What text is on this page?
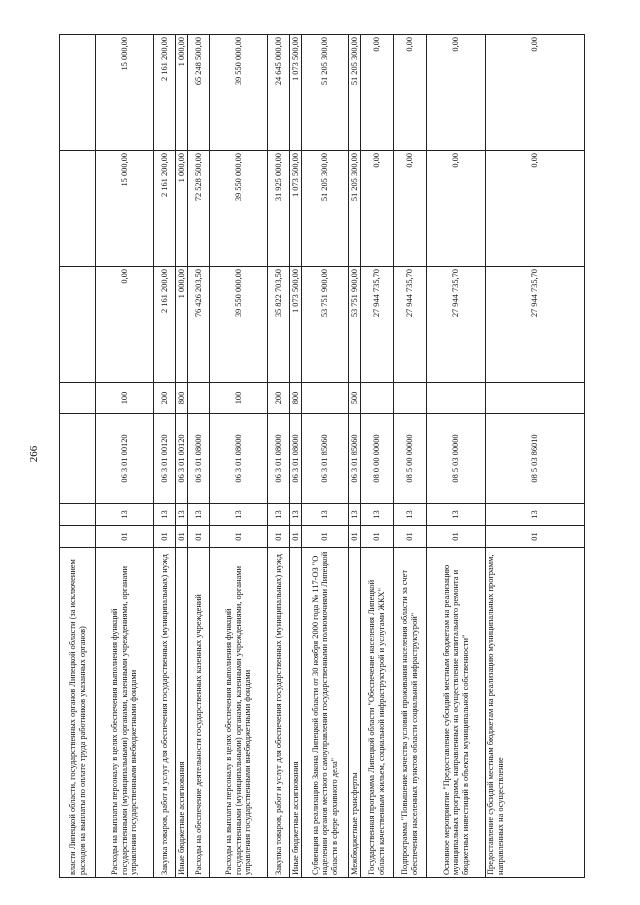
266
власти Липецкой области, государственных органов Липецкой области (за исключением расходов на выплаты по оплате труда работников указанных органов)							
Расходы на выплаты персоналу в целях обеспечения выполнения функций государственными (муниципальными) органами, казенными учреждениями, органами управления государственными внебюджетными фондами	01	13	06 3 01 00120	100	0,00	15 000,00	15 000,00
Закупка товаров, работ и услуг для обеспечения государственных (муниципальных) нужд	01	13	06 3 01 00120	200	2 161 200,00	2 161 200,00	2 161 200,00
Иные бюджетные ассигнования	01	13	06 3 01 00120	800	1 000,00	1 000,00	1 000,00
Расходы на обеспечение деятельности государственных казенных учреждений	01	13	06 3 01 08000		76 426 203,50	72 528 500,00	65 248 500,00
Расходы на выплаты персоналу в целях обеспечения выполнения функций государственными (муниципальными) органами, казенными учреждениями, органами управления государственными внебюджетными фондами	01	13	06 3 01 08000	100	39 550 000,00	39 550 000,00	39 550 000,00
Закупка товаров, работ и услуг для обеспечения государственных (муниципальных) нужд	01	13	06 3 01 08000	200	35 822 703,50	31 925 000,00	24 645 000,00
Иные бюджетные ассигнования	01	13	06 3 01 08000	800	1 073 500,00	1 073 500,00	1 073 500,00
Субвенция на реализацию Закона Липецкой области от 30 ноября 2000 года № 117-ОЗ "О наделении органов местного самоуправления государственными полномочиями Липецкой области в сфере архивного дела"	01	13	06 3 01 85060		53 751 900,00	51 205 300,00	51 205 300,00
Межбюджетные трансферты	01	13	06 3 01 85060	500	53 751 900,00	51 205 300,00	51 205 300,00
Государственная программа Липецкой области "Обеспечение населения Липецкой области качественным жильем, социальной инфраструктурой и услугами ЖКХ"	01	13	08 0 00 00000		27 944 735,70	0,00	0,00
Подпрограмма "Повышение качества условий проживания населения области за счет обеспечения населенных пунктов области социальной инфраструктурой"	01	13	08 5 00 00000		27 944 735,70	0,00	0,00
Основное мероприятие "Предоставление субсидий местным бюджетам на реализацию муниципальных программ, направленных на осуществление капитального ремонта и бюджетных инвестиций в объекты муниципальной собственности"	01	13	08 5 03 00000		27 944 735,70	0,00	0,00

Предоставление субсидий местным бюджетам на реализацию муниципальных программ, направленных на осуществление	01	13	08 5 03 86010		27 944 735,70	0,00	0,00
